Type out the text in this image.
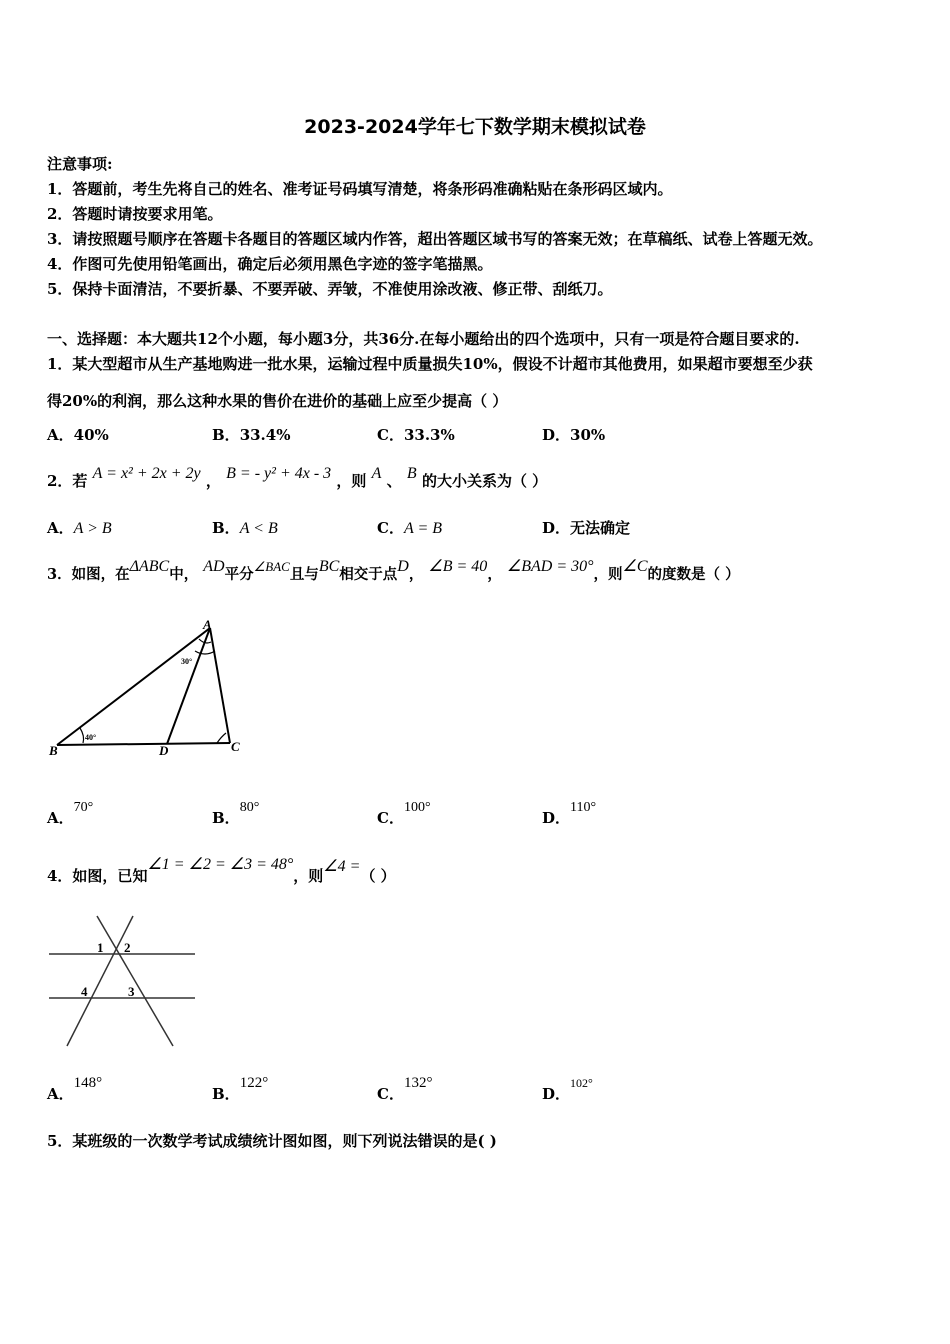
2023-2024学年七下数学期末模拟试卷
注意事项:
1．答题前，考生先将自己的姓名、准考证号码填写清楚，将条形码准确粘贴在条形码区域内。
2．答题时请按要求用笔。
3．请按照题号顺序在答题卡各题目的答题区域内作答，超出答题区域书写的答案无效；在草稿纸、试卷上答题无效。
4．作图可先使用铅笔画出，确定后必须用黑色字迹的签字笔描黑。
5．保持卡面清洁，不要折暴、不要弄破、弄皱，不准使用涂改液、修正带、刮纸刀。
一、选择题：本大题共12个小题，每小题3分，共36分.在每小题给出的四个选项中，只有一项是符合题目要求的.
1．某大型超市从生产基地购进一批水果，运输过程中质量损失10%，假设不计超市其他费用，如果超市要想至少获
得20%的利润，那么这种水果的售价在进价的基础上应至少提高（ ）
A．40%	B．33.4%	C．33.3%	D．30%
2．若 A = x² + 2x + 2y ， B = - y² + 4x - 3 ，则 A 、 B 的大小关系为（ ）
A．A > B	B．A < B	C．A = B	D．无法确定
3．如图，在ΔABC中， AD平分∠BAC且与BC相交于点D， ∠B = 40， ∠BAD = 30°，则∠C的度数是（ ）
A
B	C
D
40°
30°
A．70°
B．80°
C．100°
D．110°
4．如图，已知∠1 = ∠2 = ∠3 = 48°，则∠4 =（ ）
1 2
3
4
A．148°
B．122°
C．132°
D．$^{102^\circ}$
5．某班级的一次数学考试成绩统计图如图，则下列说法错误的是( )
